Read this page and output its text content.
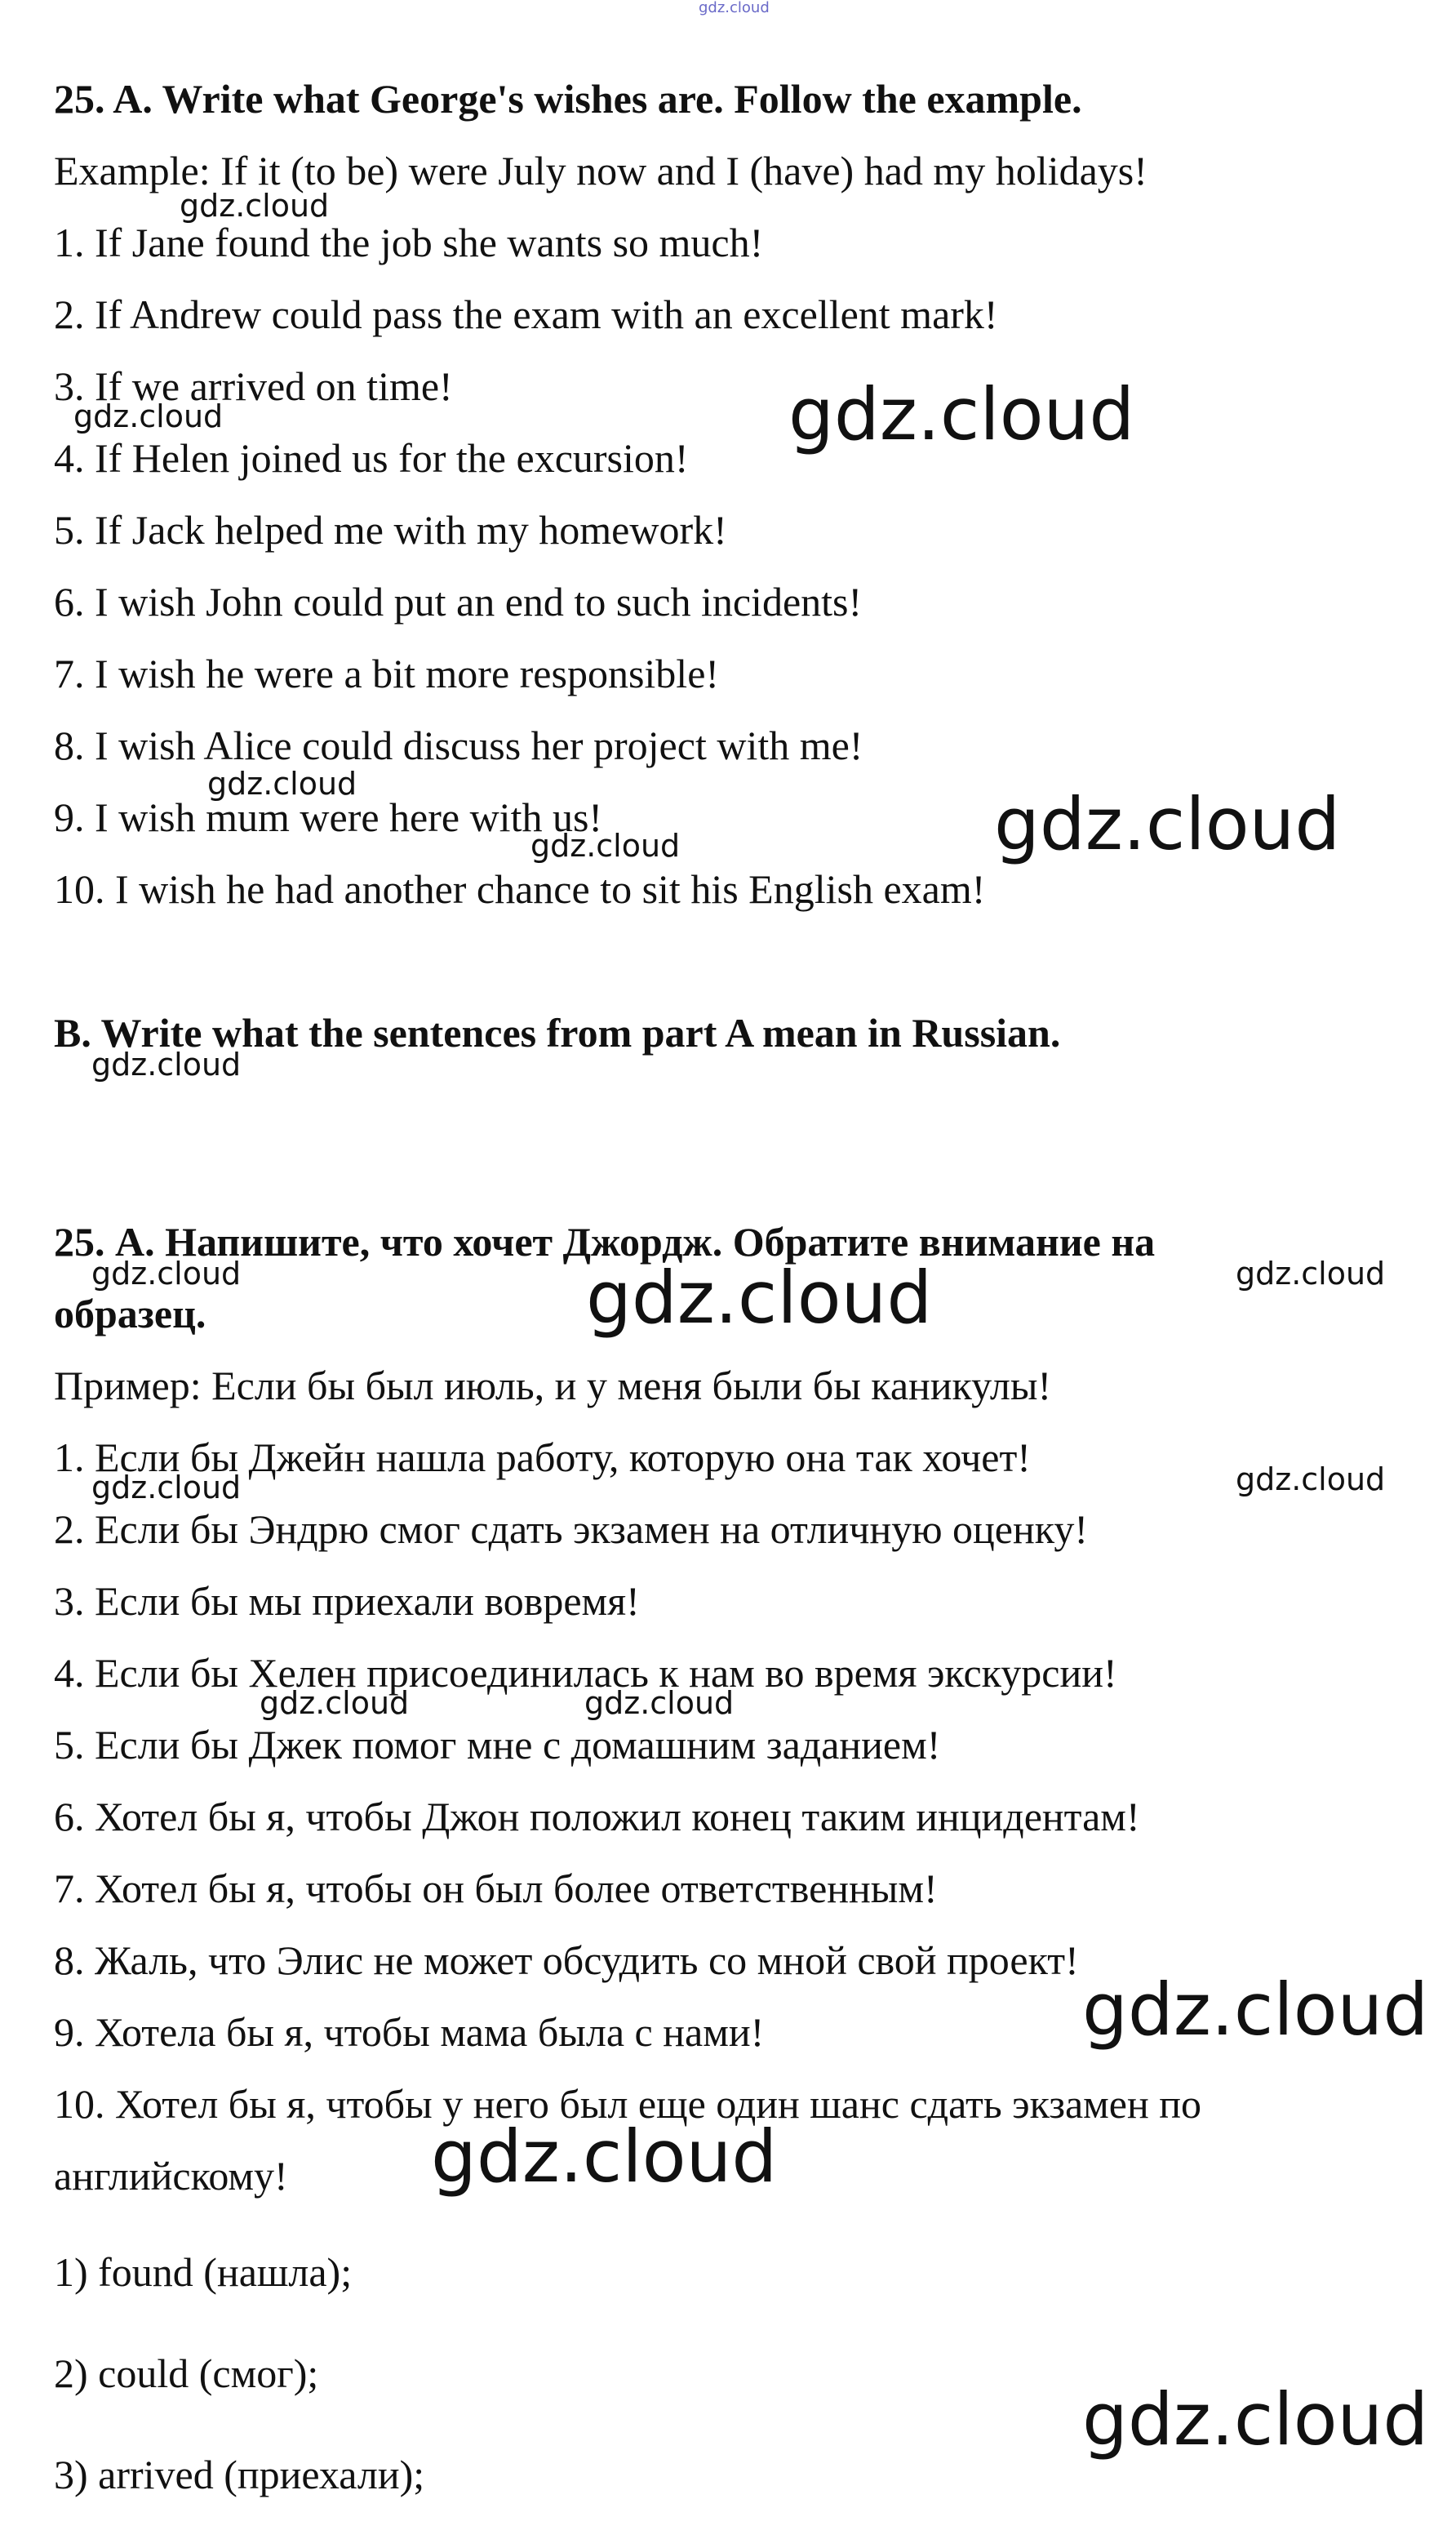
gdz.cloud
25. A. Write what George's wishes are. Follow the example.
Example: If it (to be) were July now and I (have) had my holidays!
1. If Jane found the job she wants so much!
2. If Andrew could pass the exam with an excellent mark!
3. If we arrived on time!
4. If Helen joined us for the excursion!
5. If Jack helped me with my homework!
6. I wish John could put an end to such incidents!
7. I wish he were a bit more responsible!
8. I wish Alice could discuss her project with me!
9. I wish mum were here with us!
10. I wish he had another chance to sit his English exam!
B. Write what the sentences from part A mean in Russian.
25. А. Напишите, что хочет Джордж. Обратите внимание на
образец.
Пример: Если бы был июль, и у меня были бы каникулы!
1. Если бы Джейн нашла работу, которую она так хочет!
2. Если бы Эндрю смог сдать экзамен на отличную оценку!
3. Если бы мы приехали вовремя!
4. Если бы Хелен присоединилась к нам во время экскурсии!
5. Если бы Джек помог мне с домашним заданием!
6. Хотел бы я, чтобы Джон положил конец таким инцидентам!
7. Хотел бы я, чтобы он был более ответственным!
8. Жаль, что Элис не может обсудить со мной свой проект!
9. Хотела бы я, чтобы мама была с нами!
10. Хотел бы я, чтобы у него был еще один шанс сдать экзамен по
английскому!
1) found (нашла);
2) could (смог);
3) arrived (приехали);
gdz.cloud
gdz.cloud	gdz.cloud
gdz.cloud	gdz.cloud
gdz.cloud
gdz.cloud
gdz.cloud	gdz.cloud
gdz.cloud
gdz.cloud	gdz.cloud
gdz.cloud	gdz.cloud
gdz.cloud
gdz.cloud
gdz.cloud
